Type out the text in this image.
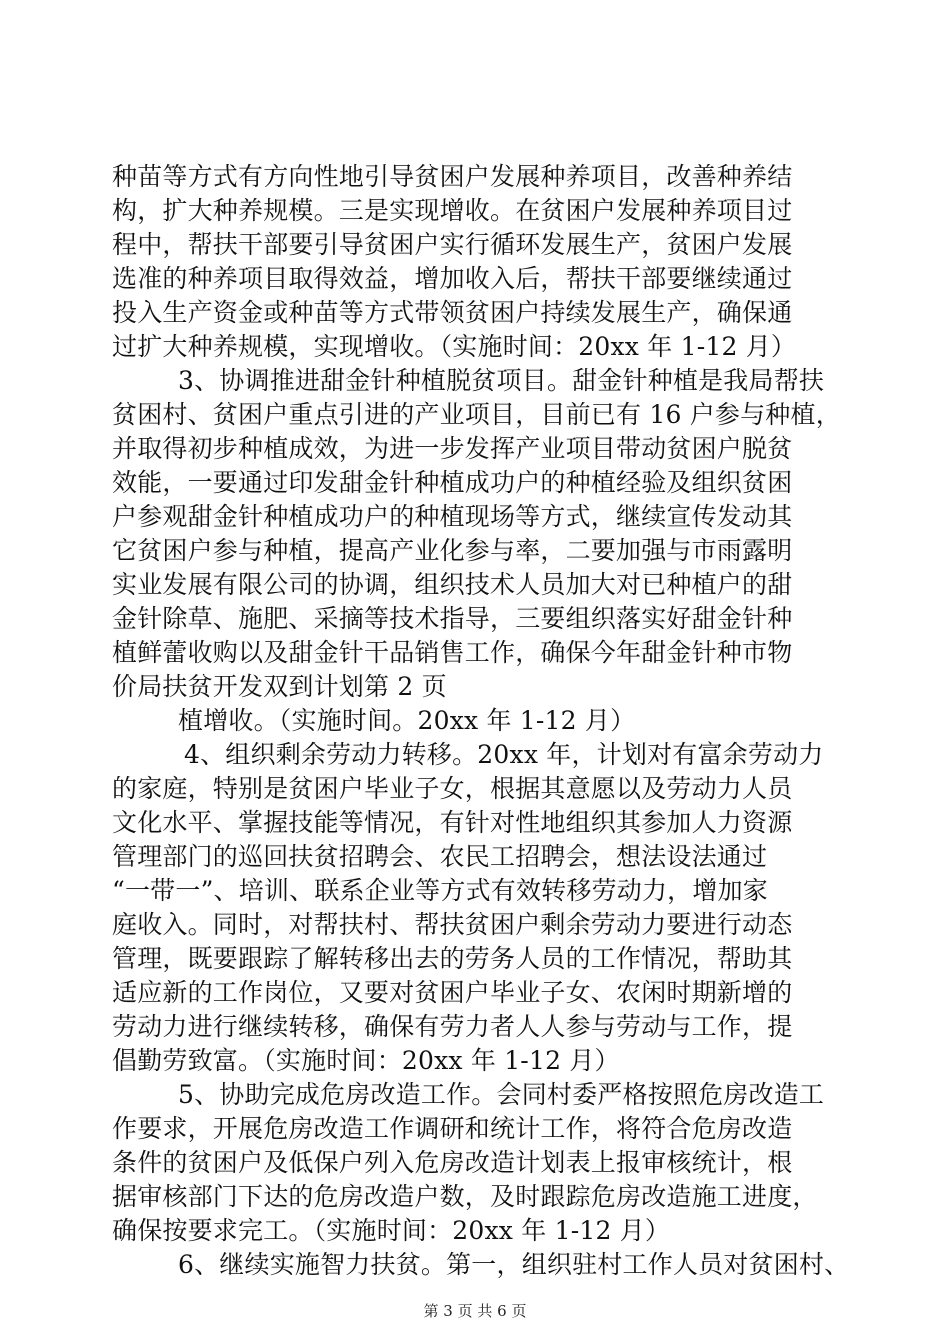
种苗等方式有方向性地引导贫困户发展种养项目，改善种养结
构，扩大种养规模。三是实现增收。在贫困户发展种养项目过
程中，帮扶干部要引导贫困户实行循环发展生产，贫困户发展
选准的种养项目取得效益，增加收入后，帮扶干部要继续通过
投入生产资金或种苗等方式带领贫困户持续发展生产，确保通
过扩大种养规模，实现增收。（实施时间：20xx 年 1-12 月）
3、协调推进甜金针种植脱贫项目。甜金针种植是我局帮扶
贫困村、贫困户重点引进的产业项目，目前已有 16 户参与种植，
并取得初步种植成效，为进一步发挥产业项目带动贫困户脱贫
效能，一要通过印发甜金针种植成功户的种植经验及组织贫困
户参观甜金针种植成功户的种植现场等方式，继续宣传发动其
它贫困户参与种植，提高产业化参与率，二要加强与市雨露明
实业发展有限公司的协调，组织技术人员加大对已种植户的甜
金针除草、施肥、采摘等技术指导，三要组织落实好甜金针种
植鲜蕾收购以及甜金针干品销售工作，确保今年甜金针种市物
价局扶贫开发双到计划第 2 页
植增收。（实施时间。20xx 年 1-12 月）
4、组织剩余劳动力转移。20xx 年，计划对有富余劳动力
的家庭，特别是贫困户毕业子女，根据其意愿以及劳动力人员
文化水平、掌握技能等情况，有针对性地组织其参加人力资源
管理部门的巡回扶贫招聘会、农民工招聘会，想法设法通过
“一带一”、培训、联系企业等方式有效转移劳动力，增加家
庭收入。同时，对帮扶村、帮扶贫困户剩余劳动力要进行动态
管理，既要跟踪了解转移出去的劳务人员的工作情况，帮助其
适应新的工作岗位，又要对贫困户毕业子女、农闲时期新增的
劳动力进行继续转移，确保有劳力者人人参与劳动与工作，提
倡勤劳致富。（实施时间：20xx 年 1-12 月）
5、协助完成危房改造工作。会同村委严格按照危房改造工
作要求，开展危房改造工作调研和统计工作，将符合危房改造
条件的贫困户及低保户列入危房改造计划表上报审核统计，根
据审核部门下达的危房改造户数，及时跟踪危房改造施工进度，
确保按要求完工。（实施时间：20xx 年 1-12 月）
6、继续实施智力扶贫。第一，组织驻村工作人员对贫困村、
第 3 页 共 6 页
